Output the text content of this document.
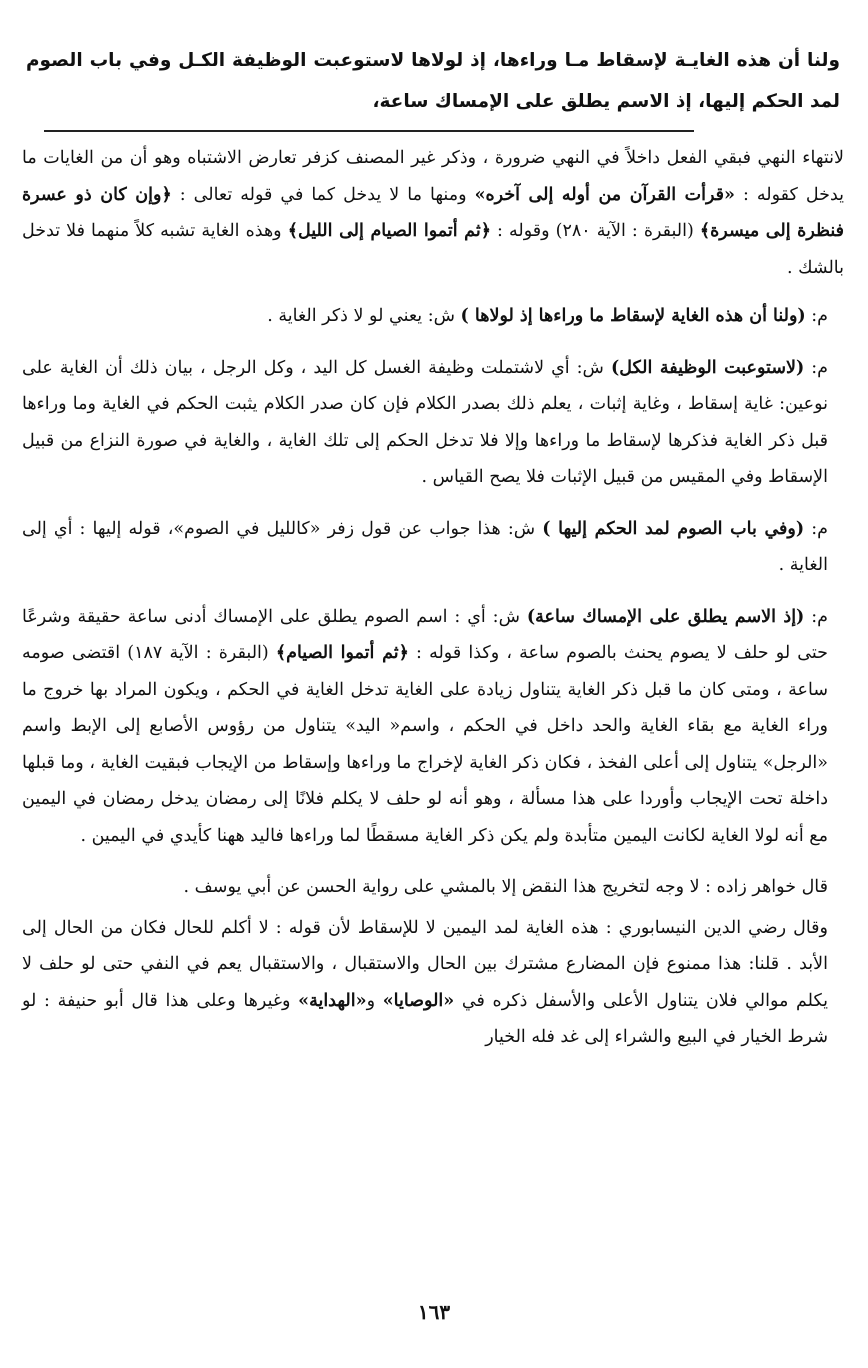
ولنا أن هذه الغايـة لإسقاط مـا وراءها، إذ لولاها لاستوعبت الوظيفة الكـل وفي باب الصوم لمد الحكم إليها، إذ الاسم يطلق على الإمساك ساعة،

لانتهاء النهي فبقي الفعل داخلاً في النهي ضرورة ، وذكر غير المصنف كزفر تعارض الاشتباه وهو أن من الغايات ما يدخل كقوله : «قرأت القرآن من أوله إلى آخره» ومنها ما لا يدخل كما في قوله تعالى : ﴿وإن كان ذو عسرة فنظرة إلى ميسرة﴾ (البقرة : الآية ٢٨٠) وقوله : ﴿ثم أتموا الصيام إلى الليل﴾ وهذه الغاية تشبه كلاً منهما فلا تدخل بالشك .

م: (ولنا أن هذه الغاية لإسقاط ما وراءها إذ لولاها ) ش: يعني لو لا ذكر الغاية .

م: (لاستوعبت الوظيفة الكل) ش: أي لاشتملت وظيفة الغسل كل اليد ، وكل الرجل ، بيان ذلك أن الغاية على نوعين: غاية إسقاط ، وغاية إثبات ، يعلم ذلك بصدر الكلام فإن كان صدر الكلام يثبت الحكم في الغاية وما وراءها قبل ذكر الغاية فذكرها لإسقاط ما وراءها وإلا فلا تدخل الحكم إلى تلك الغاية ، والغاية في صورة النزاع من قبيل الإسقاط وفي المقيس من قبيل الإثبات فلا يصح القياس .

م: (وفي باب الصوم لمد الحكم إليها ) ش: هذا جواب عن قول زفر «كالليل في الصوم»، قوله إليها : أي إلى الغاية .

م: (إذ الاسم يطلق على الإمساك ساعة) ش: أي : اسم الصوم يطلق على الإمساك أدنى ساعة حقيقة وشرعًا حتى لو حلف لا يصوم يحنث بالصوم ساعة ، وكذا قوله : ﴿ثم أتموا الصيام﴾ (البقرة : الآية ١٨٧) اقتضى صومه ساعة ، ومتى كان ما قبل ذكر الغاية يتناول زيادة على الغاية تدخل الغاية في الحكم ، ويكون المراد بها خروج ما وراء الغاية مع بقاء الغاية والحد داخل في الحكم ، واسم« اليد» يتناول من رؤوس الأصابع إلى الإبط واسم «الرجل» يتناول إلى أعلى الفخذ ، فكان ذكر الغاية لإخراج ما وراءها وإسقاط من الإيجاب فبقيت الغاية ، وما قبلها داخلة تحت الإيجاب وأوردا على هذا مسألة ، وهو أنه لو حلف لا يكلم فلانًا إلى رمضان يدخل رمضان في اليمين مع أنه لولا الغاية لكانت اليمين متأبدة ولم يكن ذكر الغاية مسقطًا لما وراءها فاليد ههنا كأيدي في اليمين .

قال خواهر زاده : لا وجه لتخريج هذا النقض إلا بالمشي على رواية الحسن عن أبي يوسف .

وقال رضي الدين النيسابوري : هذه الغاية لمد اليمين لا للإسقاط لأن قوله : لا أكلم للحال فكان من الحال إلى الأبد . قلنا: هذا ممنوع فإن المضارع مشترك بين الحال والاستقبال ، والاستقبال يعم في النفي حتى لو حلف لا يكلم موالي فلان يتناول الأعلى والأسفل ذكره في «الوصايا» و«الهداية» وغيرها وعلى هذا قال أبو حنيفة : لو شرط الخيار في البيع والشراء إلى غد فله الخيار

١٦٣
